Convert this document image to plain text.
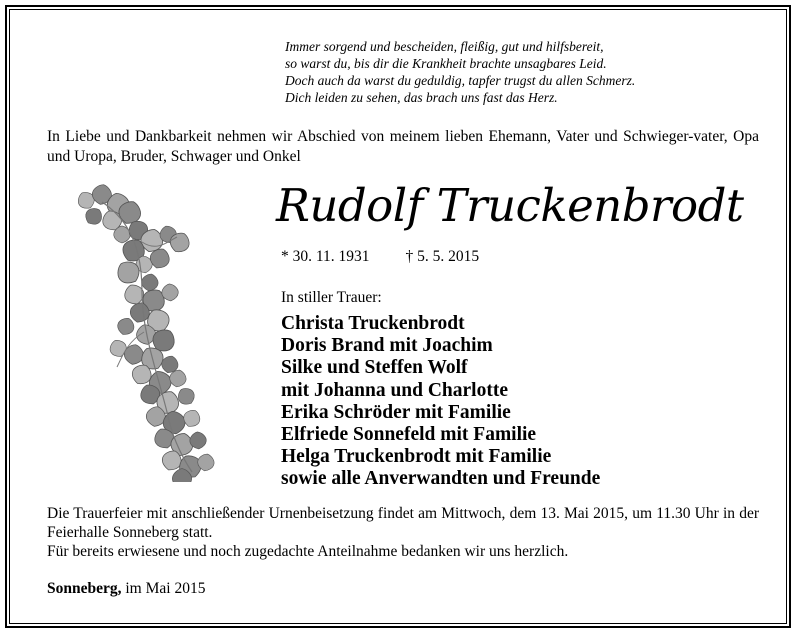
Immer sorgend und bescheiden, fleißig, gut und hilfsbereit,
so warst du, bis dir die Krankheit brachte unsagbares Leid.
Doch auch da warst du geduldig, tapfer trugst du allen Schmerz.
Dich leiden zu sehen, das brach uns fast das Herz.
In Liebe und Dankbarkeit nehmen wir Abschied von meinem lieben Ehemann, Vater und Schwieger-vater, Opa und Uropa, Bruder, Schwager und Onkel
Rudolf Truckenbrodt
* 30. 11. 1931 † 5. 5. 2015
In stiller Trauer:
Christa Truckenbrodt
Doris Brand mit Joachim
Silke und Steffen Wolf
mit Johanna und Charlotte
Erika Schröder mit Familie
Elfriede Sonnefeld mit Familie
Helga Truckenbrodt mit Familie
sowie alle Anverwandten und Freunde
Die Trauerfeier mit anschließender Urnenbeisetzung findet am Mittwoch, dem 13. Mai 2015, um 11.30 Uhr in der Feierhalle Sonneberg statt.
Für bereits erwiesene und noch zugedachte Anteilnahme bedanken wir uns herzlich.
Sonneberg, im Mai 2015
